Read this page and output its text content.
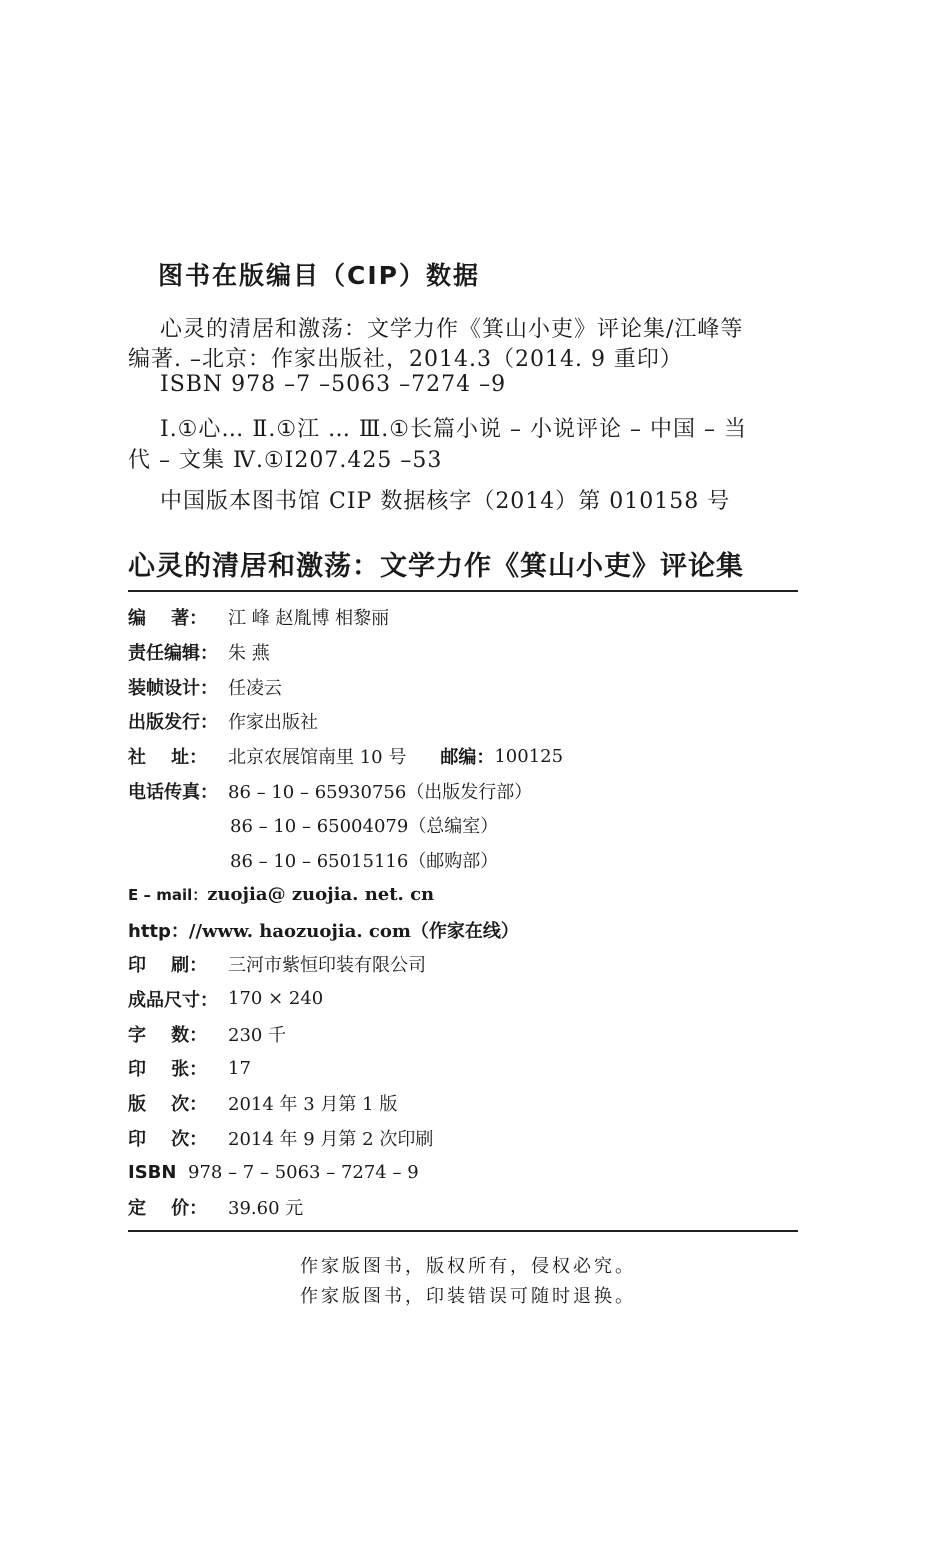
图书在版编目（CIP）数据
心灵的清居和激荡：文学力作《箕山小吏》评论集/江峰等
编著. –北京：作家出版社，2014.3（2014. 9 重印）
ISBN 978 –7 –5063 –7274 –9
Ⅰ.①心… Ⅱ.①江 … Ⅲ.①长篇小说 – 小说评论 – 中国 – 当
代 – 文集 Ⅳ.①I207.425 –53
中国版本图书馆 CIP 数据核字（2014）第 010158 号
心灵的清居和激荡：文学力作《箕山小吏》评论集
编    著：	江 峰 赵胤博 相黎丽
责任编辑： 朱 燕
装帧设计： 任凌云
出版发行： 作家出版社
社    址：	北京农展馆南里 10 号 邮编： 100125
电话传真： 86 – 10 – 65930756（出版发行部）
86 – 10 – 65004079（总编室）
86 – 10 – 65015116（邮购部）
E – mail： zuojia@ zuojia. net. cn
http：// www. haozuojia. com（作家在线）
印    刷：	三河市紫恒印装有限公司
成品尺寸： 170 × 240
字    数：	230 千
印    张：	17
版    次：	2014 年 3 月第 1 版
印    次：	2014 年 9 月第 2 次印刷
ISBN 978 – 7 – 5063 – 7274 – 9
定    价：	39.60 元
作家版图书，版权所有，侵权必究。
作家版图书，印装错误可随时退换。
